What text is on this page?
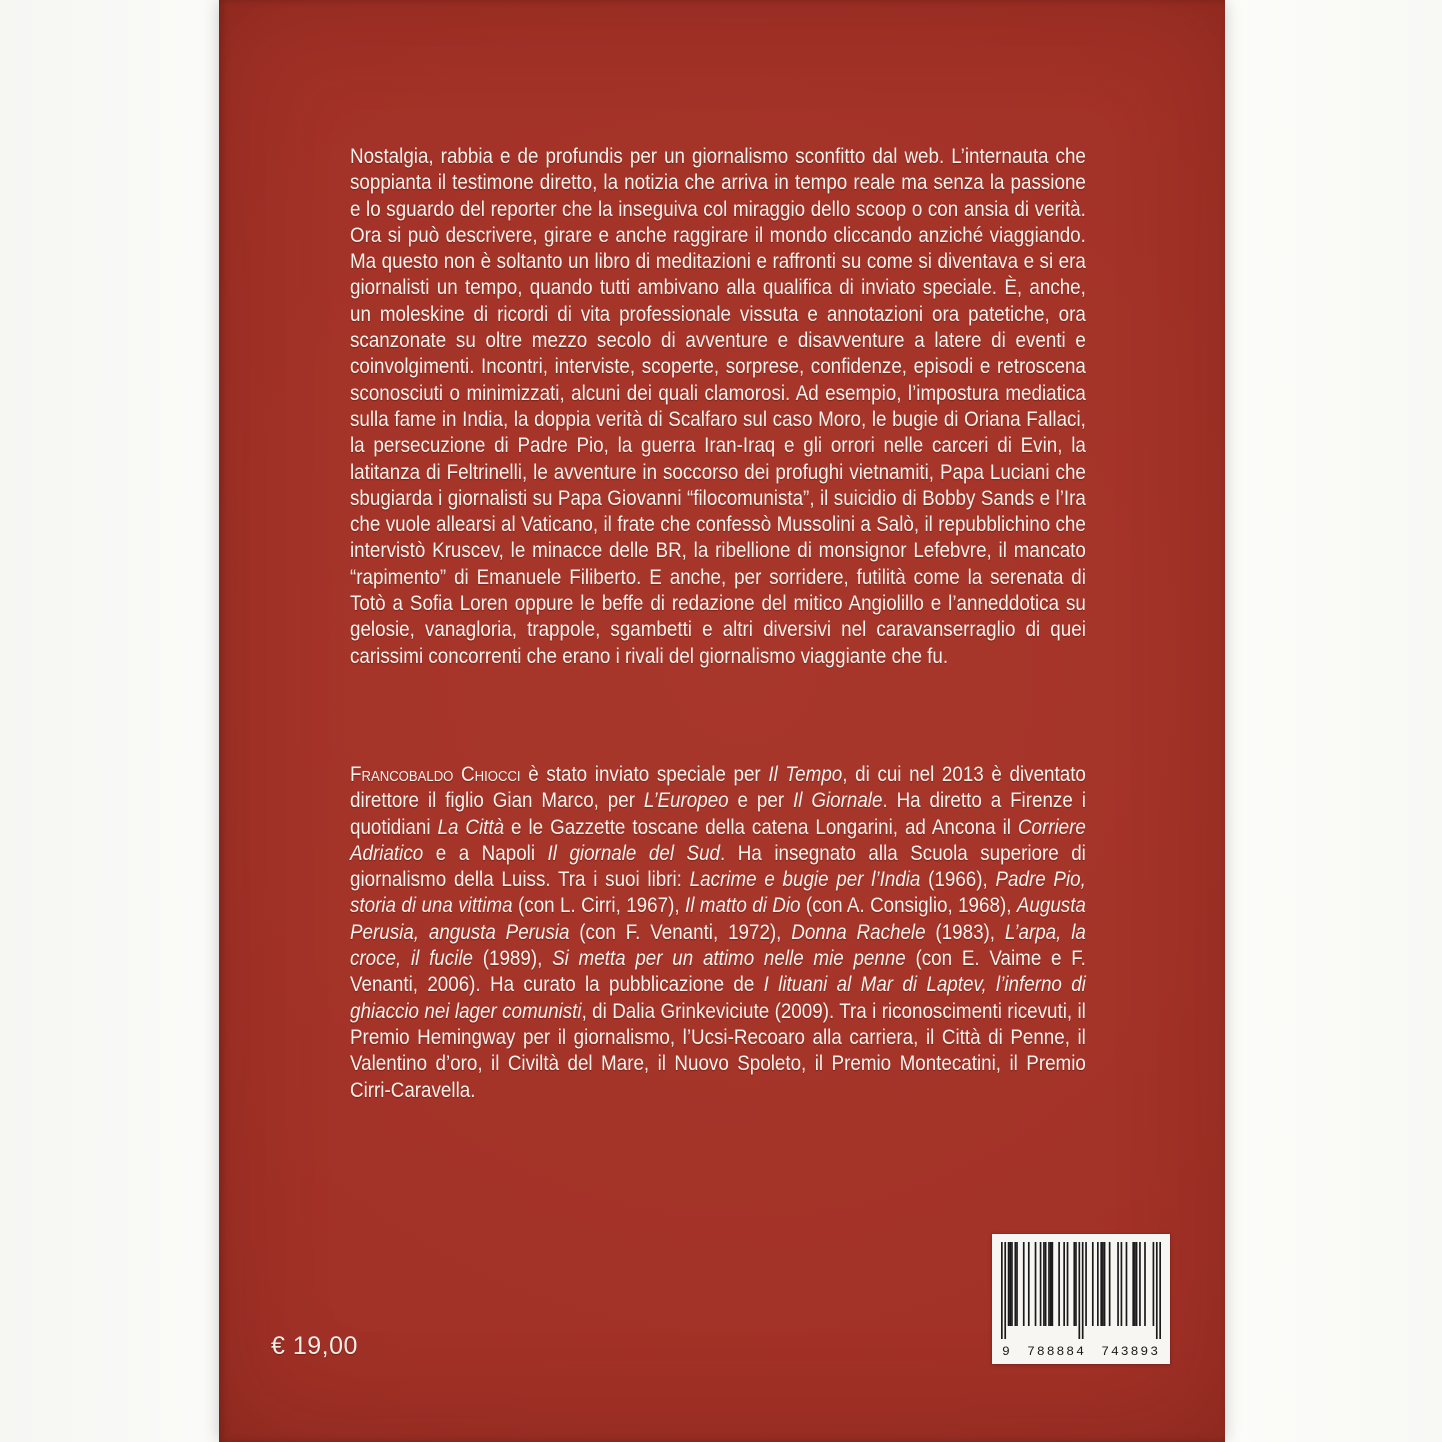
Nostalgia, rabbia e de profundis per un giornalismo sconfitto dal web. L’internauta che soppianta il testimone diretto, la notizia che arriva in tempo reale ma senza la passione e lo sguardo del reporter che la inseguiva col miraggio dello scoop o con ansia di verità. Ora si può descrivere, girare e anche raggirare il mondo cliccando anziché viaggiando. Ma questo non è soltanto un libro di meditazioni e raffronti su come si diventava e si era giornalisti un tempo, quando tutti ambivano alla qualifica di inviato speciale. È, anche, un moleskine di ricordi di vita professionale vissuta e annotazioni ora patetiche, ora scanzonate su oltre mezzo secolo di avventure e disavventure a latere di eventi e coinvolgimenti. Incontri, interviste, scoperte, sorprese, confidenze, episodi e retroscena sconosciuti o minimizzati, alcuni dei quali clamorosi. Ad esempio, l’impostura mediatica sulla fame in India, la doppia verità di Scalfaro sul caso Moro, le bugie di Oriana Fallaci, la persecuzione di Padre Pio, la guerra Iran-Iraq e gli orrori nelle carceri di Evin, la latitanza di Feltrinelli, le avventure in soccorso dei profughi vietnamiti, Papa Luciani che sbugiarda i giornalisti su Papa Giovanni “filocomunista”, il suicidio di Bobby Sands e l’Ira che vuole allearsi al Vaticano, il frate che confessò Mussolini a Salò, il repubblichino che intervistò Kruscev, le minacce delle BR, la ribellione di monsignor Lefebvre, il mancato “rapimento” di Emanuele Filiberto. E anche, per sorridere, futilità come la serenata di Totò a Sofia Loren oppure le beffe di redazione del mitico Angiolillo e l’anneddotica su gelosie, vanagloria, trappole, sgambetti e altri diversivi nel caravanserraglio di quei carissimi concorrenti che erano i rivali del giornalismo viaggiante che fu.

Francobaldo Chiocci è stato inviato speciale per Il Tempo, di cui nel 2013 è diventato direttore il figlio Gian Marco, per L’Europeo e per Il Giornale. Ha diretto a Firenze i quotidiani La Città e le Gazzette toscane della catena Longarini, ad Ancona il Corriere Adriatico e a Napoli Il giornale del Sud. Ha insegnato alla Scuola superiore di giornalismo della Luiss. Tra i suoi libri: Lacrime e bugie per l’India (1966), Padre Pio, storia di una vittima (con L. Cirri, 1967), Il matto di Dio (con A. Consiglio, 1968), Augusta Perusia, angusta Perusia (con F. Venanti, 1972), Donna Rachele (1983), L’arpa, la croce, il fucile (1989), Si metta per un attimo nelle mie penne (con E. Vaime e F. Venanti, 2006). Ha curato la pubblicazione de I lituani al Mar di Laptev, l’inferno di ghiaccio nei lager comunisti, di Dalia Grinkeviciute (2009). Tra i riconoscimenti ricevuti, il Premio Hemingway per il giornalismo, l’Ucsi-Recoaro alla carriera, il Città di Penne, il Valentino d’oro, il Civiltà del Mare, il Nuovo Spoleto, il Premio Montecatini, il Premio Cirri-Caravella.

€ 19,00	9 788884 743893
